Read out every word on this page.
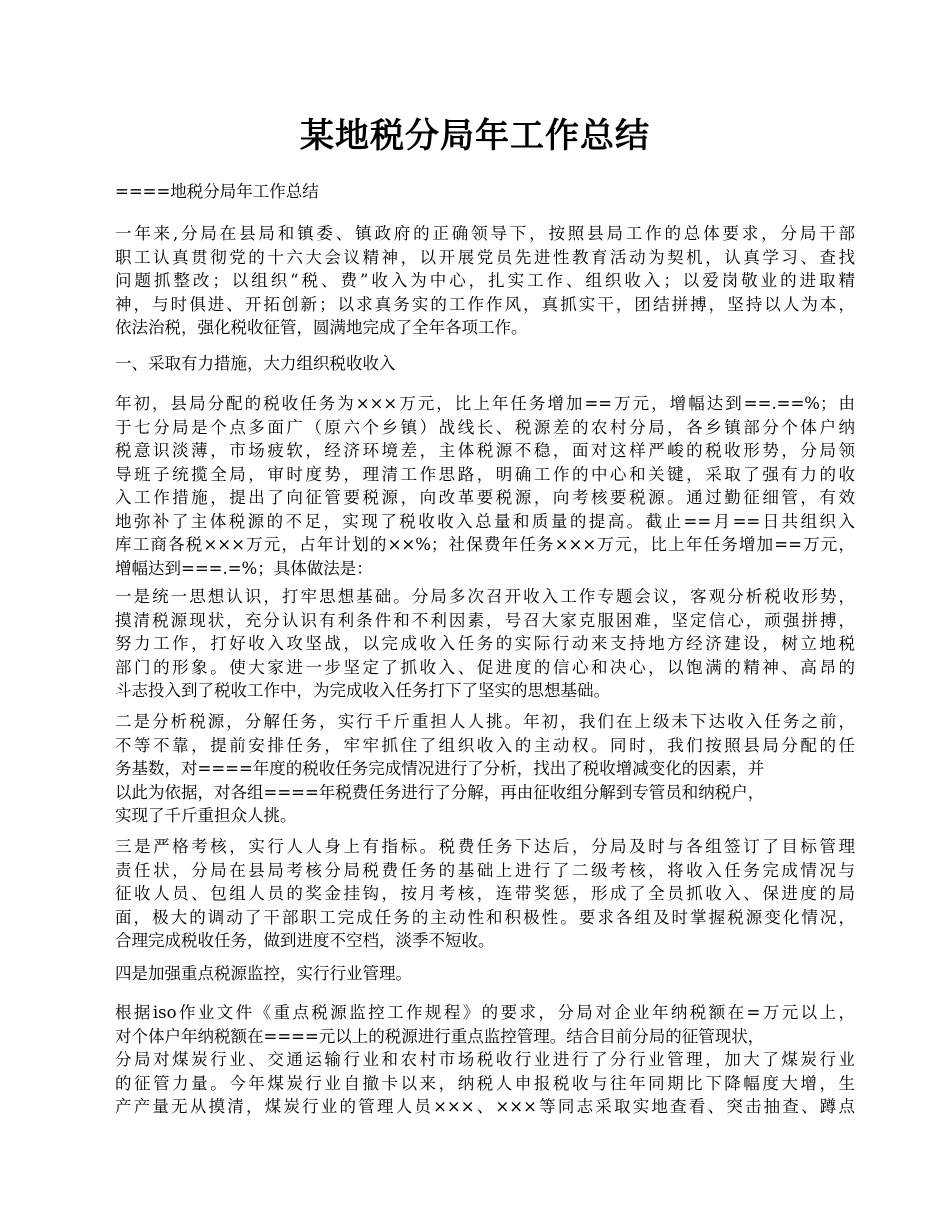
某地税分局年工作总结
====地税分局年工作总结
一年来,分局在县局和镇委、镇政府的正确领导下，按照县局工作的总体要求，分局干部
职工认真贯彻党的十六大会议精神，以开展党员先进性教育活动为契机，认真学习、查找
问题抓整改；以组织“税、费”收入为中心，扎实工作、组织收入；以爱岗敬业的进取精
神，与时俱进、开拓创新；以求真务实的工作作风，真抓实干，团结拼搏，坚持以人为本，
依法治税，强化税收征管，圆满地完成了全年各项工作。
一、采取有力措施，大力组织税收收入
年初，县局分配的税收任务为×××万元，比上年任务增加==万元，增幅达到==.==%；由
于七分局是个点多面广（原六个乡镇）战线长、税源差的农村分局，各乡镇部分个体户纳
税意识淡薄，市场疲软，经济环境差，主体税源不稳，面对这样严峻的税收形势，分局领
导班子统揽全局，审时度势，理清工作思路，明确工作的中心和关键，采取了强有力的收
入工作措施，提出了向征管要税源，向改革要税源，向考核要税源。通过勤征细管，有效
地弥补了主体税源的不足，实现了税收收入总量和质量的提高。截止==月==日共组织入
库工商各税×××万元，占年计划的××%；社保费年任务×××万元，比上年任务增加==万元，
增幅达到===.=%；具体做法是：
一是统一思想认识，打牢思想基础。分局多次召开收入工作专题会议，客观分析税收形势，
摸清税源现状，充分认识有利条件和不利因素，号召大家克服困难，坚定信心，顽强拼搏，
努力工作，打好收入攻坚战，以完成收入任务的实际行动来支持地方经济建设，树立地税
部门的形象。使大家进一步坚定了抓收入、促进度的信心和决心，以饱满的精神、高昂的
斗志投入到了税收工作中，为完成收入任务打下了坚实的思想基础。
二是分析税源，分解任务，实行千斤重担人人挑。年初，我们在上级未下达收入任务之前，
不等不靠，提前安排任务，牢牢抓住了组织收入的主动权。同时，我们按照县局分配的任
务基数，对====年度的税收任务完成情况进行了分析，找出了税收增减变化的因素，并
以此为依据，对各组====年税费任务进行了分解，再由征收组分解到专管员和纳税户，
实现了千斤重担众人挑。
三是严格考核，实行人人身上有指标。税费任务下达后，分局及时与各组签订了目标管理
责任状，分局在县局考核分局税费任务的基础上进行了二级考核，将收入任务完成情况与
征收人员、包组人员的奖金挂钩，按月考核，连带奖惩，形成了全员抓收入、保进度的局
面，极大的调动了干部职工完成任务的主动性和积极性。要求各组及时掌握税源变化情况，
合理完成税收任务，做到进度不空档，淡季不短收。
四是加强重点税源监控，实行行业管理。
根据iso作业文件《重点税源监控工作规程》的要求，分局对企业年纳税额在=万元以上，
对个体户年纳税额在====元以上的税源进行重点监控管理。结合目前分局的征管现状，
分局对煤炭行业、交通运输行业和农村市场税收行业进行了分行业管理，加大了煤炭行业
的征管力量。今年煤炭行业自撤卡以来，纳税人申报税收与往年同期比下降幅度大增，生
产产量无从摸清，煤炭行业的管理人员×××、×××等同志采取实地查看、突击抽查、蹲点
